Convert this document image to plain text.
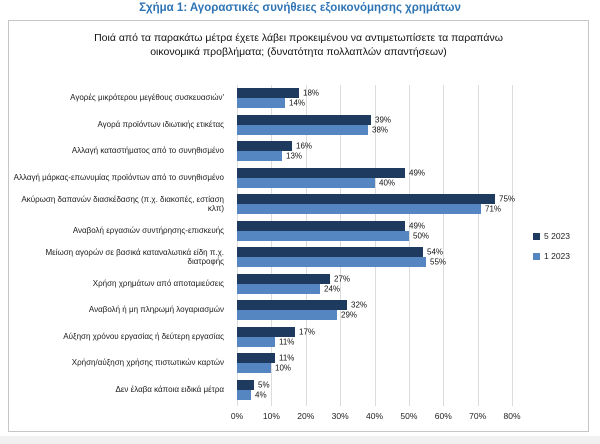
Σχήμα 1: Αγοραστικές συνήθειες εξοικονόμησης χρημάτων
Ποιά από τα παρακάτω μέτρα έχετε λάβει προκειμένου να αντιμετωπίσετε τα παραπάνω οικονομικά προβλήματα; (δυνατότητα πολλαπλών απαντήσεων)
Αγορές μικρότερου μεγέθους συσκευασιών'
18%
14%
Αγορά προϊόντων ιδιωτικής ετικέτας
39%
38%
Αλλαγή καταστήματος από το συνηθισμένο
16%
13%
Αλλαγή μάρκας-επωνυμίας προϊόντων από το συνηθισμένο
49%
40%
Ακύρωση δαπανών διασκέδασης (π.χ. διακοπές, εστίαση κλπ)
75%
71%
Αναβολή εργασιών συντήρησης-επισκευής
49%
50%
Μείωση αγορών σε βασικά καταναλωτικά είδη π.χ. διατροφής
54%
55%
Χρήση χρημάτων από αποταμιεύσεις
27%
24%
Αναβολή ή μη πληρωμή λογαριασμών
32%
29%
Αύξηση χρόνου εργασίας ή δεύτερη εργασίας
17%
11%
Χρήση/αύξηση χρήσης πιστωτικών καρτών
11%
10%
Δεν έλαβα κάποια ειδικά μέτρα
5%
4%
0% 10% 20% 30% 40% 50% 60% 70% 80%
5 2023
1 2023
